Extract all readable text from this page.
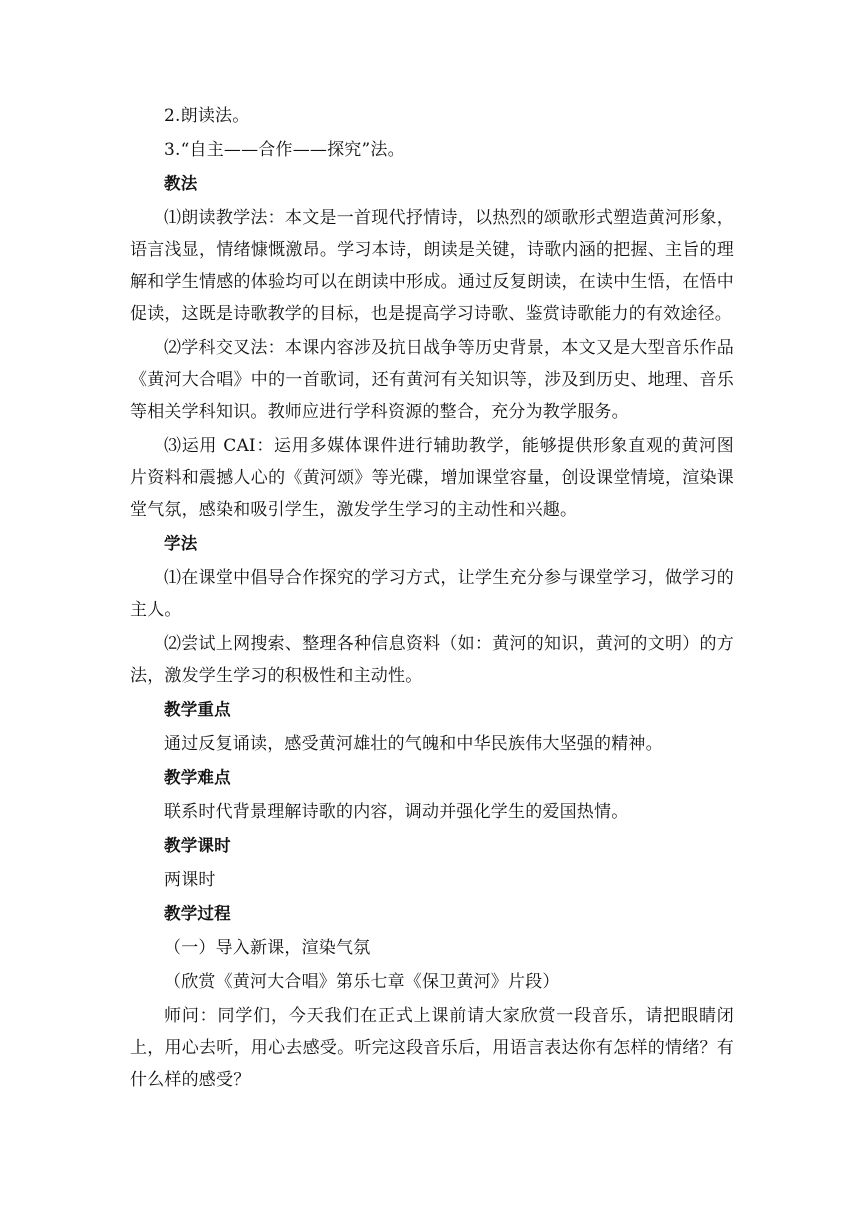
2.朗读法。

3.“自主——合作——探究”法。

教法

⑴朗读教学法：本文是一首现代抒情诗，以热烈的颂歌形式塑造黄河形象，语言浅显，情绪慷慨激昂。学习本诗，朗读是关键，诗歌内涵的把握、主旨的理解和学生情感的体验均可以在朗读中形成。通过反复朗读，在读中生悟，在悟中促读，这既是诗歌教学的目标，也是提高学习诗歌、鉴赏诗歌能力的有效途径。

⑵学科交叉法：本课内容涉及抗日战争等历史背景，本文又是大型音乐作品《黄河大合唱》中的一首歌词，还有黄河有关知识等，涉及到历史、地理、音乐等相关学科知识。教师应进行学科资源的整合，充分为教学服务。

⑶运用 CAI：运用多媒体课件进行辅助教学，能够提供形象直观的黄河图片资料和震撼人心的《黄河颂》等光碟，增加课堂容量，创设课堂情境，渲染课堂气氛，感染和吸引学生，激发学生学习的主动性和兴趣。

学法

⑴在课堂中倡导合作探究的学习方式，让学生充分参与课堂学习，做学习的主人。

⑵尝试上网搜索、整理各种信息资料（如：黄河的知识，黄河的文明）的方法，激发学生学习的积极性和主动性。

教学重点

通过反复诵读，感受黄河雄壮的气魄和中华民族伟大坚强的精神。

教学难点

联系时代背景理解诗歌的内容，调动并强化学生的爱国热情。

教学课时

两课时

教学过程

（一）导入新课，渲染气氛

（欣赏《黄河大合唱》第乐七章《保卫黄河》片段）

师问：同学们，今天我们在正式上课前请大家欣赏一段音乐，请把眼睛闭上，用心去听，用心去感受。听完这段音乐后，用语言表达你有怎样的情绪？有什么样的感受？
